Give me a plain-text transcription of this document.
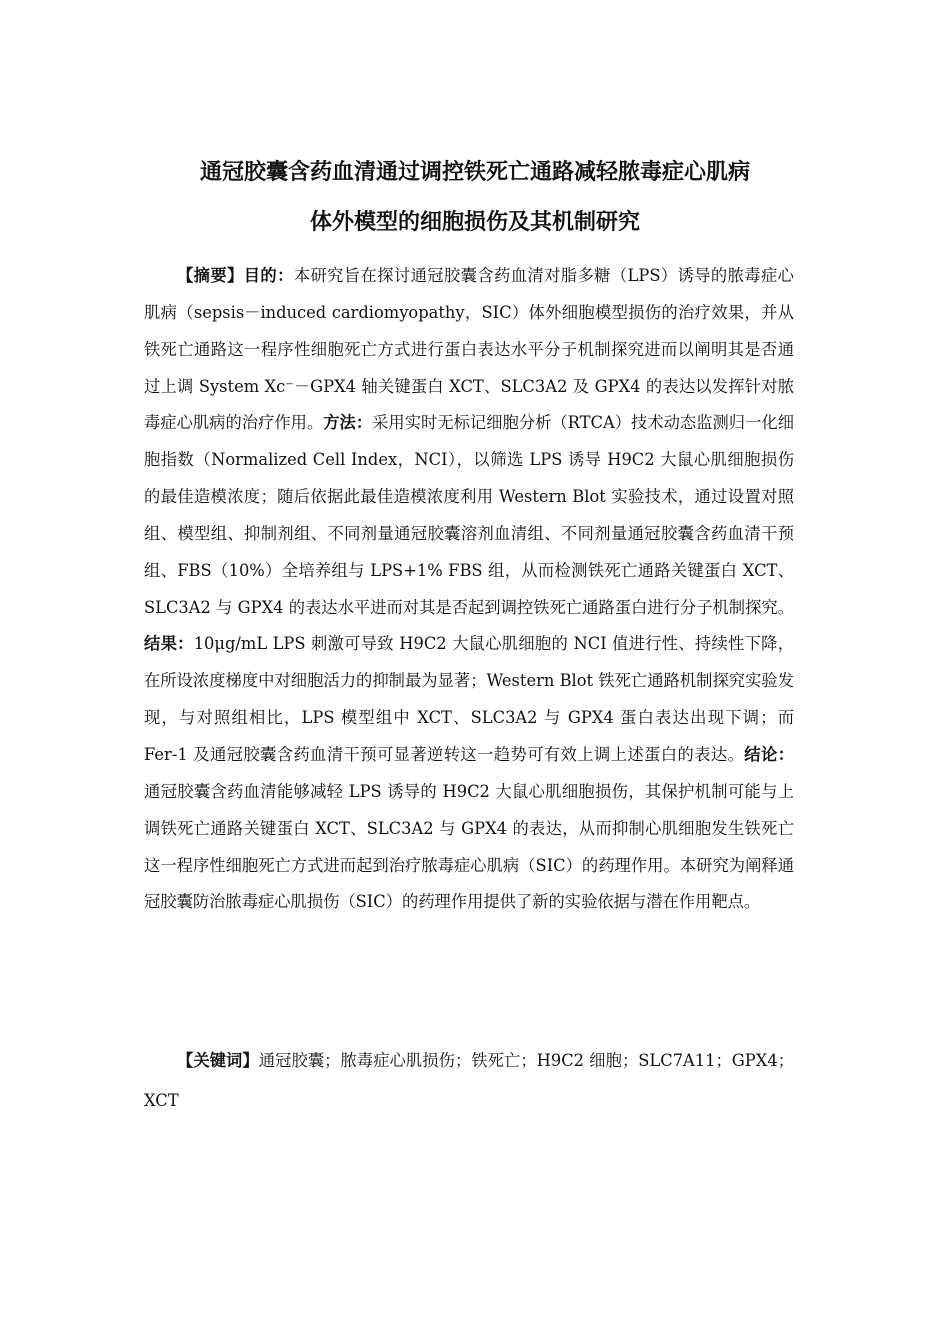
通冠胶囊含药血清通过调控铁死亡通路减轻脓毒症心肌病
体外模型的细胞损伤及其机制研究

【摘要】目的：本研究旨在探讨通冠胶囊含药血清对脂多糖（LPS）诱导的脓毒症心肌病（sepsis－induced cardiomyopathy，SIC）体外细胞模型损伤的治疗效果，并从铁死亡通路这一程序性细胞死亡方式进行蛋白表达水平分子机制探究进而以阐明其是否通过上调 System Xc⁻－GPX4 轴关键蛋白 XCT、SLC3A2 及 GPX4 的表达以发挥针对脓毒症心肌病的治疗作用。方法：采用实时无标记细胞分析（RTCA）技术动态监测归一化细胞指数（Normalized Cell Index，NCI），以筛选 LPS 诱导 H9C2 大鼠心肌细胞损伤的最佳造模浓度；随后依据此最佳造模浓度利用 Western Blot 实验技术，通过设置对照组、模型组、抑制剂组、不同剂量通冠胶囊溶剂血清组、不同剂量通冠胶囊含药血清干预组、FBS（10%）全培养组与 LPS+1% FBS 组，从而检测铁死亡通路关键蛋白 XCT、SLC3A2 与 GPX4 的表达水平进而对其是否起到调控铁死亡通路蛋白进行分子机制探究。结果：10μg/mL LPS 刺激可导致 H9C2 大鼠心肌细胞的 NCI 值进行性、持续性下降，在所设浓度梯度中对细胞活力的抑制最为显著；Western Blot 铁死亡通路机制探究实验发现，与对照组相比，LPS 模型组中 XCT、SLC3A2 与 GPX4 蛋白表达出现下调；而 Fer-1 及通冠胶囊含药血清干预可显著逆转这一趋势可有效上调上述蛋白的表达。结论：通冠胶囊含药血清能够减轻 LPS 诱导的 H9C2 大鼠心肌细胞损伤，其保护机制可能与上调铁死亡通路关键蛋白 XCT、SLC3A2 与 GPX4 的表达，从而抑制心肌细胞发生铁死亡这一程序性细胞死亡方式进而起到治疗脓毒症心肌病（SIC）的药理作用。本研究为阐释通冠胶囊防治脓毒症心肌损伤（SIC）的药理作用提供了新的实验依据与潜在作用靶点。

【关键词】通冠胶囊；脓毒症心肌损伤；铁死亡；H9C2 细胞；SLC7A11；GPX4；XCT
